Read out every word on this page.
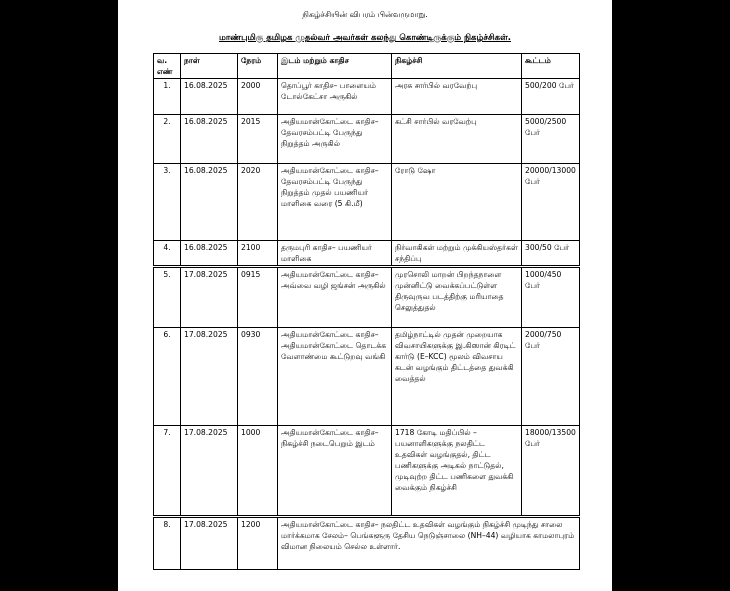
நிகழ்ச்சியின் விபரம் பின்வருமாறு.
மாண்புமிகு தமிழக முதல்வர் அவர்கள் கலந்து கொண்டிருக்கும் நிகழ்ச்சிகள்.
வ. எண்	நாள்	நேரம்	இடம் மற்றும் காதிச	நிகழ்ச்சி	கூட்டம்
1.	16.08.2025	2000	தொப்பூர் காதிச– பாளையம் டோல்கேட்சா அருகில்	அரசு சார்பில் வரவேற்பு	500/200 பேர்
2.	16.08.2025	2015	அதியமான்கோட்டை காதிச– தேவரசம்பட்டி பேருந்து நிறுத்தம் அருகில்	கட்சி சார்பில் வரவேற்பு	5000/2500 பேர்
3.	16.08.2025	2020	அதியமான்கோட்டை காதிச– தேவரசம்பட்டி பேருந்து நிறுத்தம் முதல் பயணியர் மாளிகை வரை (5 கி.மீ)	ரோடு ஷோ	20000/13000 பேர்
4.	16.08.2025	2100	தருமபுரி காதிச– பயணியர் மாளிகை	நிர்வாகிகள் மற்றும் முக்கியஸ்தர்கள் சந்திப்பு	300/50 பேர்

5.	17.08.2025	0915	அதியமான்கோட்டை காதிச– அவ்வை வழி ஜங்சன் அருகில்	முரசொலி மாறன் பிறந்தநாளை முன்னிட்டு வைக்கப்பட்டுள்ள திருவுருவ படத்திற்கு மரியாதை செலுத்துதல்	1000/450 பேர்
6.	17.08.2025	0930	அதியமான்கோட்டை காதிச– அதியமான்கோட்டை தொடக்க வேளாண்மை கூட்டுறவு வங்கி	தமிழ்நாட்டில் முதன் முறையாக விவசாயிகளுக்கு இ.கிஸான் கிரடிட் கார்டு (E–KCC) மூலம் விவசாய கடன் வழங்கும் திட்டத்தை துவக்கி வைத்தல்	2000/750 பேர்
7.	17.08.2025	1000	அதியமான்கோட்டை காதிச– நிகழ்ச்சி நடைபெறும் இடம்	1718 கோடி மதிப்பில் – பயனாளிகளுக்கு நலதிட்ட உதவிகள் வழங்குதல், திட்ட பணிகளுக்கு அடிகல் நாட்டுதல், முடிவுற்ற திட்ட பணிகளை துவக்கி வைக்கும் நிகழ்ச்சி	18000/13500 பேர்

8.	17.08.2025	1200	அதியமான்கோட்டை காதிச– நலதிட்ட உதவிகள் வழங்கும் நிகழ்ச்சி முடிந்து சாலை மார்க்கமாக சேலம்– பெங்களூரு தேசிய நெடுஞ்சாலை (NH–44) வழியாக காமலாபுரம் விமான நிலையம் செல்ல உள்ளார்.		
